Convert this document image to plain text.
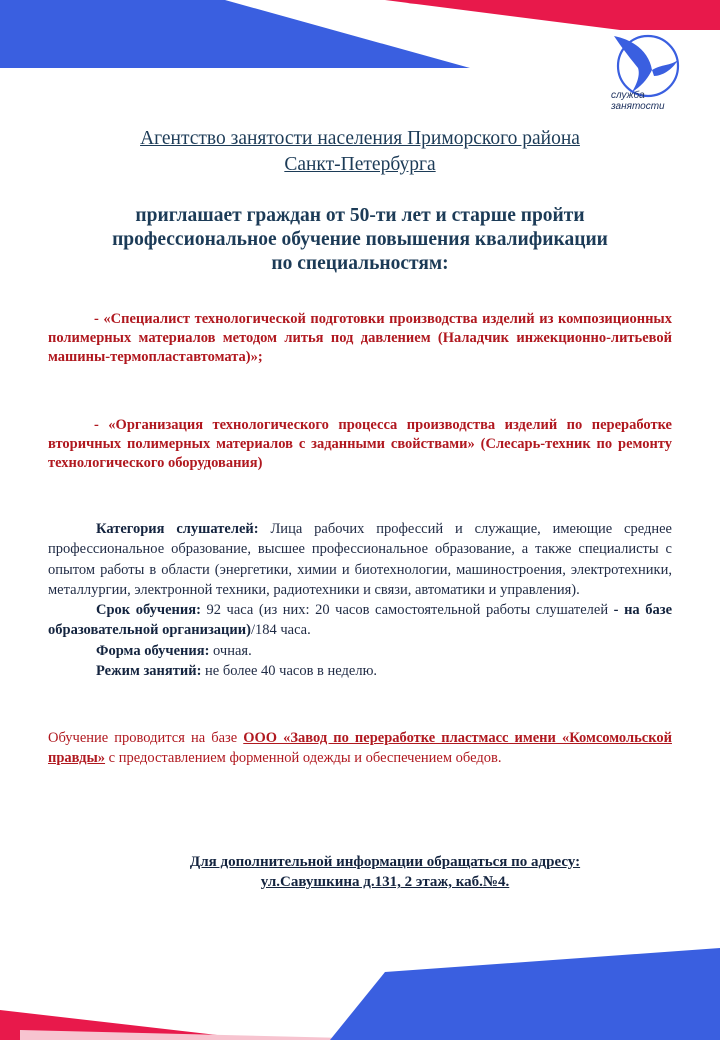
служба
занятости
Агентство занятости населения Приморского района
Санкт-Петербурга
приглашает граждан от 50-ти лет и старше пройти
профессиональное обучение повышения квалификации
по специальностям:
- «Специалист технологической подготовки производства изделий из композиционных полимерных материалов методом литья под давлением (Наладчик инжекционно-литьевой машины-термопластавтомата)»;
- «Организация технологического процесса производства изделий по переработке вторичных полимерных материалов с заданными свойствами» (Слесарь-техник по ремонту технологического оборудования)

Категория слушателей: Лица рабочих профессий и служащие, имеющие среднее профессиональное образование, высшее профессиональное образование, а также специалисты с опытом работы в области (энергетики, химии и биотехнологии, машиностроения, электротехники, металлургии, электронной техники, радиотехники и связи, автоматики и управления).

Срок обучения: 92 часа (из них: 20 часов самостоятельной работы слушателей - на базе образовательной организации)/184 часа.

Форма обучения: очная.

Режим занятий: не более 40 часов в неделю.

Обучение проводится на базе ООО «Завод по переработке пластмасс имени «Комсомольской правды» с предоставлением форменной одежды и обеспечением обедов.
Для дополнительной информации обращаться по адресу:
ул.Савушкина д.131, 2 этаж, каб.№4.
